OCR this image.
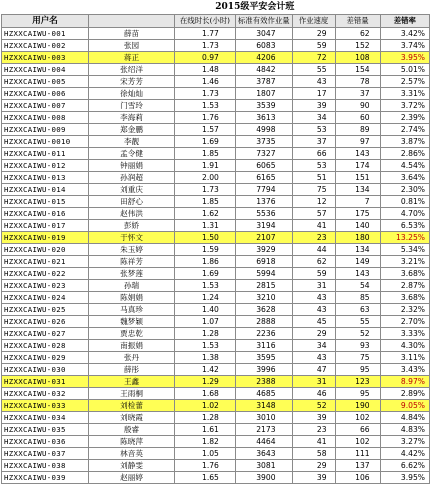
		2015级平安会计班				
用户名		在线时长(小时)	标准有效作业量	作业速度	差错量	差错率
HZXXCAIWU-001	薛苗	1.77	3047	29	62	3.42%
HZXXCAIWU-002	张园	1.73	6083	59	152	3.74%
HZXXCAIWU-003	蒋正	0.97	4206	72	108	3.95%
HZXXCAIWU-004	张绍洋	1.48	4842	55	154	5.01%
HZXXCAIWU-005	宋芳芳	1.46	3787	43	78	2.57%
HZXXCAIWU-006	徐灿灿	1.73	1807	17	37	3.31%
HZXXCAIWU-007	门雪玲	1.53	3539	39	90	3.72%
HZXXCAIWU-008	李海莉	1.76	3613	34	60	2.39%
HZXXCAIWU-009	郑金鹏	1.57	4998	53	89	2.74%
HZXXCAIWU-0010	李靓	1.69	3735	37	97	3.87%
HZXXCAIWU-011	孟令健	1.85	7327	66	143	2.86%
HZXXCAIWU-012	钟丽娟	1.91	6065	53	174	4.54%
HZXXCAIWU-013	孙润超	2.00	6165	51	151	3.64%
HZXXCAIWU-014	刘重庆	1.73	7794	75	134	2.30%
HZXXCAIWU-015	田舒心	1.85	1376	12	7	0.81%
HZXXCAIWU-016	赵伟洪	1.62	5536	57	175	4.70%
HZXXCAIWU-017	彭娇	1.31	3194	41	140	6.53%
HZXXCAIWU-019	于怀文	1.50	2107	23	180	13.25%
HZXXCAIWU-020	朱玉婷	1.59	3929	44	134	5.34%
HZXXCAIWU-021	陈祥芳	1.86	6918	62	149	3.21%
HZXXCAIWU-022	张梦莲	1.69	5994	59	143	3.68%
HZXXCAIWU-023	孙瑞	1.53	2815	31	54	2.87%
HZXXCAIWU-024	陈娟娟	1.24	3210	43	85	3.68%
HZXXCAIWU-025	马真珍	1.40	3628	43	63	2.32%
HZXXCAIWU-026	魏梦颖	1.07	2888	45	55	2.70%
HZXXCAIWU-027	贾忠乾	1.28	2236	29	52	3.33%
HZXXCAIWU-028	南振娟	1.53	3116	34	93	4.30%
HZXXCAIWU-029	张丹	1.38	3595	43	75	3.11%
HZXXCAIWU-030	薛彤	1.42	3996	47	95	3.43%
HZXXCAIWU-031	王鑫	1.29	2388	31	123	8.97%
HZXXCAIWU-032	王雨桐	1.68	4685	46	95	2.89%
HZXXCAIWU-033	刘检蕾	1.02	3148	52	190	9.05%
HZXXCAIWU-034	刘晓霞	1.28	3010	39	102	4.84%
HZXXCAIWU-035	殷睿	1.61	2173	23	66	4.83%
HZXXCAIWU-036	陈晓萍	1.82	4464	41	102	3.27%
HZXXCAIWU-037	林音英	1.05	3643	58	111	4.42%
HZXXCAIWU-038	刘静雯	1.76	3081	29	137	6.62%
HZXXCAIWU-039	赵丽婷	1.65	3900	39	106	3.95%
